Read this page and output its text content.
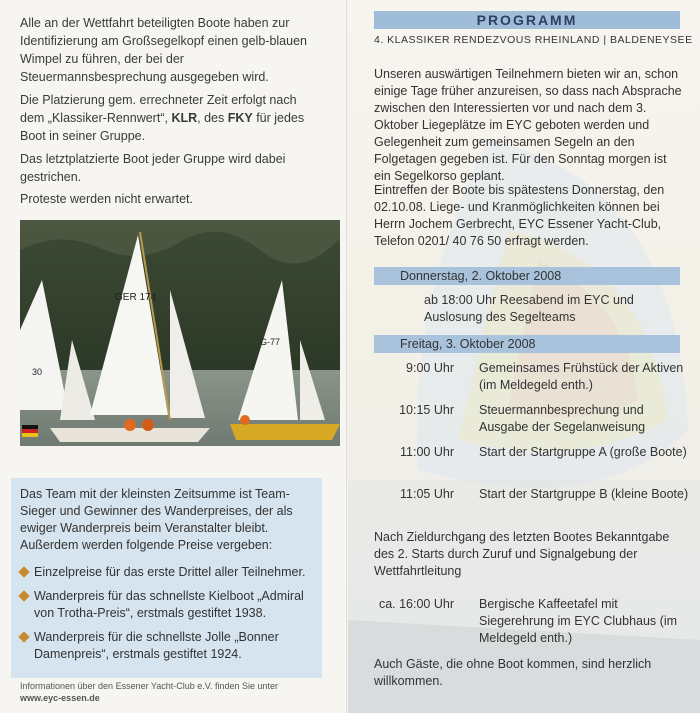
Alle an der Wettfahrt beteiligten Boote haben zur Identifizierung am Großsegelkopf einen gelb-blauen Wimpel zu führen, der bei der Steuermannsbesprechung ausgegeben wird.

Die Platzierung gem. errechneter Zeit erfolgt nach dem „Klassiker-Rennwert“, KLR, des FKY für jedes Boot in seiner Gruppe.

Das letztplatzierte Boot jeder Gruppe wird dabei gestrichen.

Proteste werden nicht erwartet.

30
GER 174
G-77

Das Team mit der kleinsten Zeitsumme ist Team-Sieger und Gewinner des Wanderpreises, der als ewiger Wanderpreis beim Veranstalter bleibt. Außerdem werden folgende Preise vergeben:

Einzelpreise für das erste Drittel aller Teilnehmer.
Wanderpreis für das schnellste Kielboot „Admiral von Trotha-Preis“, erstmals gestiftet 1938.
Wanderpreis für die schnellste Jolle „Bonner Damenpreis“, erstmals gestiftet 1924.
Informationen über den Essener Yacht-Club e.V. finden Sie unter
www.eyc-essen.de
PROGRAMM
4. KLASSIKER RENDEZVOUS RHEINLAND | BALDENEYSEE

Unseren auswärtigen Teilnehmern bieten wir an, schon einige Tage früher anzureisen, so dass nach Absprache zwischen den Interessierten vor und nach dem 3. Oktober Liegeplätze im EYC geboten werden und Gelegenheit zum gemeinsamen Segeln an den Folgetagen gegeben ist. Für den Sonntag morgen ist ein Segelkorso geplant.

Eintreffen der Boote bis spätestens Donnerstag, den 02.10.08. Liege- und Kranmöglichkeiten können bei Herrn Jochem Gerbrecht, EYC Essener Yacht-Club, Telefon 0201/ 40 76 50 erfragt werden.

Donnerstag, 2. Oktober 2008

ab 18:00 Uhr Reesabend im EYC und Auslosung des Segelteams

Freitag, 3. Oktober 2008
9:00 Uhr Gemeinsames Frühstück der Aktiven (im Meldegeld enth.)
10:15 Uhr Steuermannbesprechung und Ausgabe der Segelanweisung
11:00 Uhr Start der Startgruppe A (große Boote)
11:05 Uhr Start der Startgruppe B (kleine Boote)

Nach Zieldurchgang des letzten Bootes Bekanntgabe des 2. Starts durch Zuruf und Signalgebung der Wettfahrtleitung

ca. 16:00 Uhr Bergische Kaffeetafel mit Siegerehrung im EYC Clubhaus (im Meldegeld enth.)

Auch Gäste, die ohne Boot kommen, sind herzlich willkommen.
